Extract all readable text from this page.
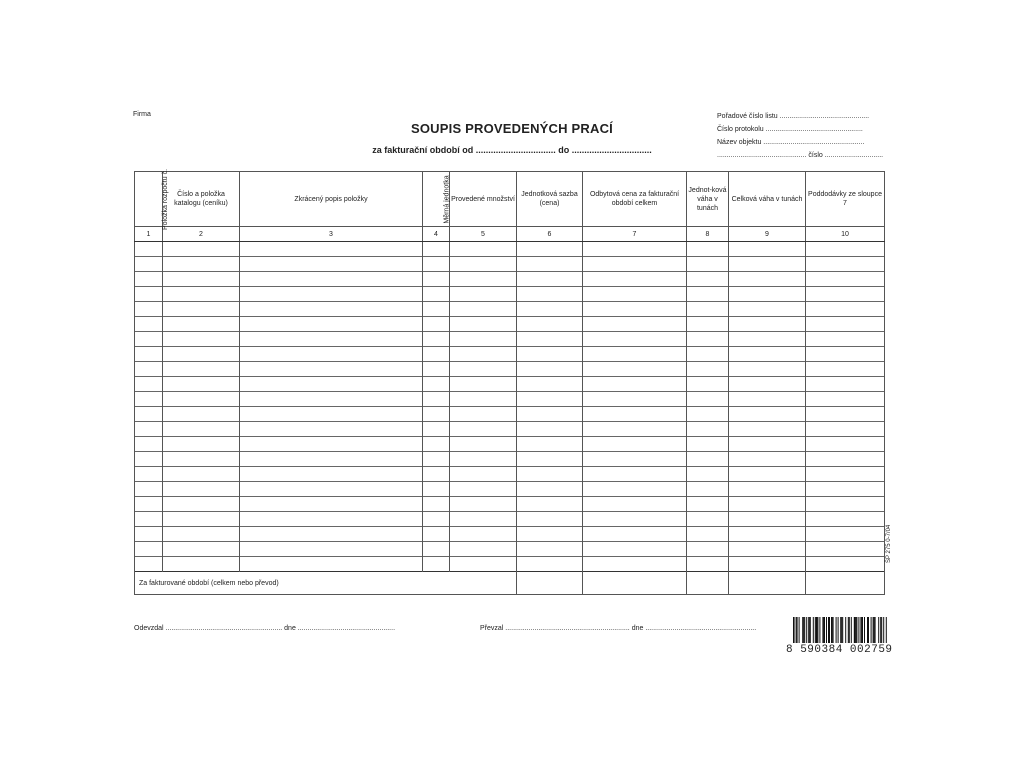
Firma
SOUPIS PROVEDENÝCH PRACÍ
za fakturační období od ................................ do ................................
Pořadové číslo listu ..............................................
Číslo protokolu ..................................................
Název objektu ....................................................
.............................................. číslo ..............................
Položka rozpočtu č.	Číslo a položka katalogu (ceníku)	Zkrácený popis položky	Měrná jednotka	Provedené množství	Jednotková sazba (cena)	Odbytová cena za fakturační období celkem	Jednot-ková váha v tunách	Celková váha v tunách	Poddodávky ze sloupce 7
1	2	3	4	5	6	7	8	9	10

Za fakturované období (celkem nebo převod)									
Odevzdal ............................................................ dne ..................................................	Převzal ................................................................ dne .........................................................
ŠP 275 0-7/04
8 590384 002759
